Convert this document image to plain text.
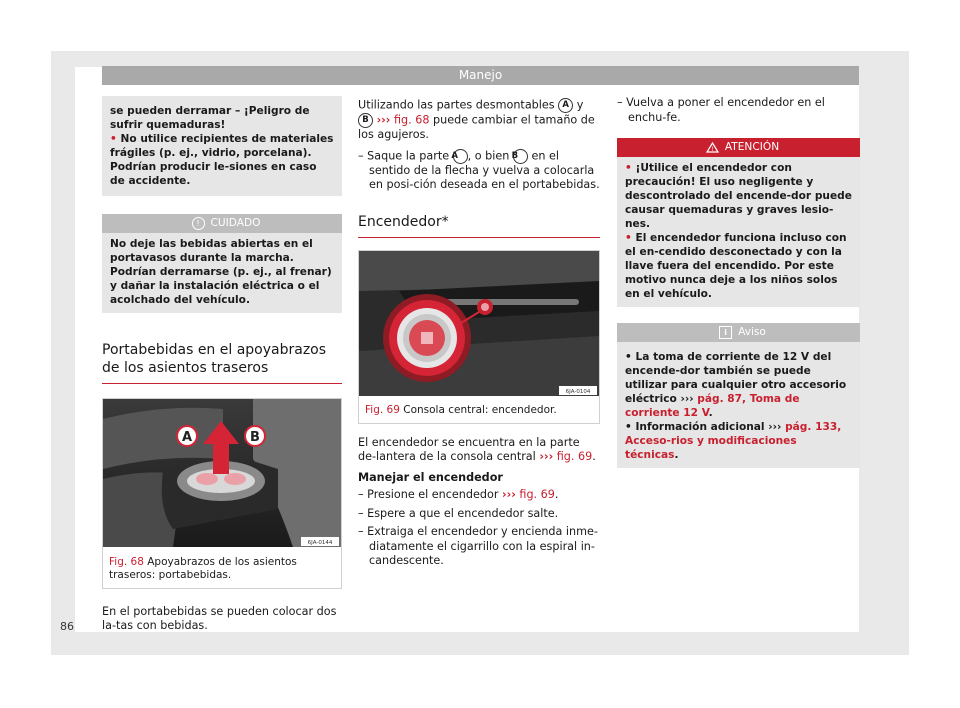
Manejo

se pueden derramar – ¡Peligro de sufrir quemaduras!

• No utilice recipientes de materiales frágiles (p. ej., vidrio, porcelana). Podrían producir le-siones en caso de accidente.

! CUIDADO
No deje las bebidas abiertas en el portavasos durante la marcha. Podrían derramarse (p. ej., al frenar) y dañar la instalación eléctrica o el acolchado del vehículo.
Portabebidas en el apoyabrazos de los asientos traseros
A	B
6JA-0144
Fig. 68 Apoyabrazos de los asientos traseros: portabebidas.

En el portabebidas se pueden colocar dos la-tas con bebidas.

Utilizando las partes desmontables A y B ››› fig. 68 puede cambiar el tamaño de los agujeros.

– Saque la parte A , o bien B en el sentido de la flecha y vuelva a colocarla en posi-ción deseada en el portabebidas.

Encendedor*
6JA-0104
Fig. 69 Consola central: encendedor.

El encendedor se encuentra en la parte de-lantera de la consola central ››› fig. 69.

Manejar el encendedor

– Presione el encendedor ››› fig. 69.

– Espere a que el encendedor salte.

– Extraiga el encendedor y encienda inme-diatamente el cigarrillo con la espiral in-candescente.

– Vuelva a poner el encendedor en el enchu-fe.

! ATENCIÓN

• ¡Utilice el encendedor con precaución! El uso negligente y descontrolado del encende-dor puede causar quemaduras y graves lesio-nes.

• El encendedor funciona incluso con el en-cendido desconectado y con la llave fuera del encendido. Por este motivo nunca deje a los niños solos en el vehículo.

i Aviso

• La toma de corriente de 12 V del encende-dor también se puede utilizar para cualquier otro accesorio eléctrico ››› pág. 87, Toma de corriente 12 V.

• Información adicional ››› pág. 133, Acceso-rios y modificaciones técnicas.

86
